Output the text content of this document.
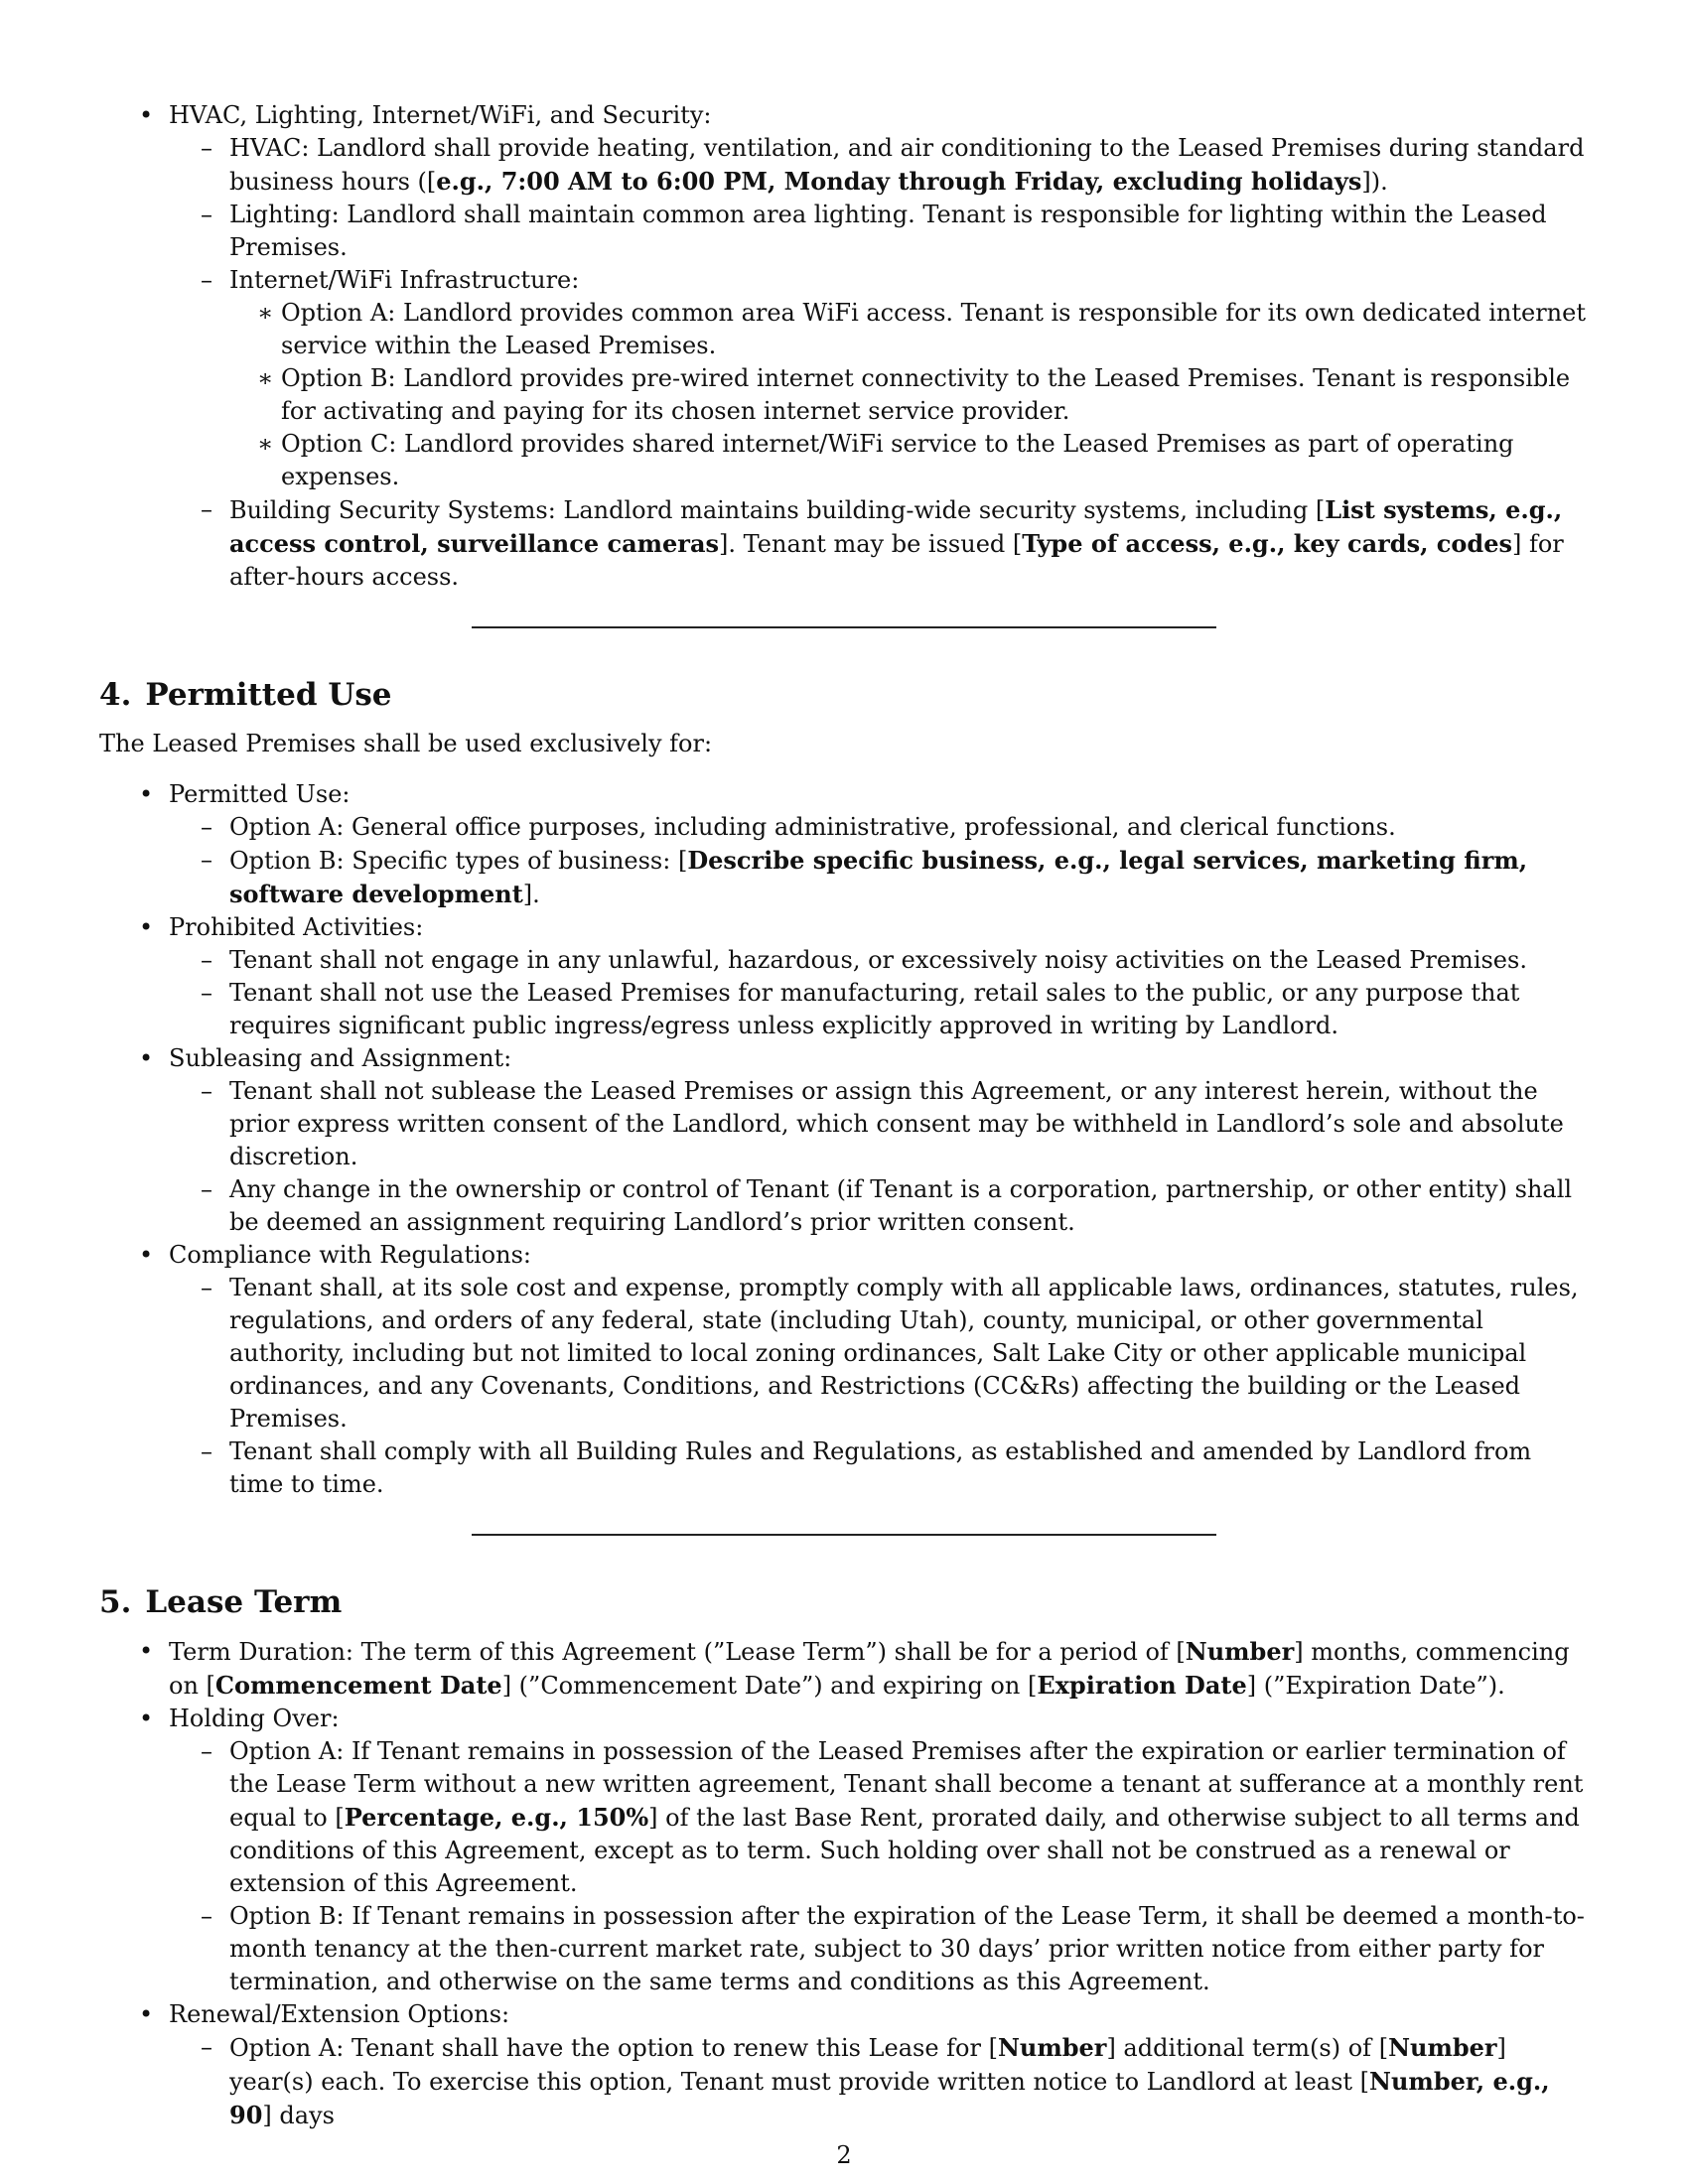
• HVAC, Lighting, Internet/WiFi, and Security:
– HVAC: Landlord shall provide heating, ventilation, and air conditioning to the Leased Premises during standard business hours ([e.g., 7:00 AM to 6:00 PM, Monday through Friday, excluding holidays]).
– Lighting: Landlord shall maintain common area lighting. Tenant is responsible for lighting within the Leased Premises.
– Internet/WiFi Infrastructure:
∗ Option A: Landlord provides common area WiFi access. Tenant is responsible for its own dedicated internet service within the Leased Premises.
∗ Option B: Landlord provides pre-wired internet connectivity to the Leased Premises. Tenant is responsible for activating and paying for its chosen internet service provider.
∗ Option C: Landlord provides shared internet/WiFi service to the Leased Premises as part of operating expenses.
– Building Security Systems: Landlord maintains building-wide security systems, including [List systems, e.g., access control, surveillance cameras]. Tenant may be issued [Type of access, e.g., key cards, codes] for after-hours access.
4. Permitted Use

The Leased Premises shall be used exclusively for:

• Permitted Use:
– Option A: General office purposes, including administrative, professional, and clerical functions.
– Option B: Specific types of business: [Describe specific business, e.g., legal services, marketing firm, software development].
• Prohibited Activities:
– Tenant shall not engage in any unlawful, hazardous, or excessively noisy activities on the Leased Premises.
– Tenant shall not use the Leased Premises for manufacturing, retail sales to the public, or any purpose that requires significant public ingress/egress unless explicitly approved in writing by Landlord.
• Subleasing and Assignment:
– Tenant shall not sublease the Leased Premises or assign this Agreement, or any interest herein, without the prior express written consent of the Landlord, which consent may be withheld in Landlord’s sole and absolute discretion.
– Any change in the ownership or control of Tenant (if Tenant is a corporation, partnership, or other entity) shall be deemed an assignment requiring Landlord’s prior written consent.
• Compliance with Regulations:
– Tenant shall, at its sole cost and expense, promptly comply with all applicable laws, ordinances, statutes, rules, regulations, and orders of any federal, state (including Utah), county, municipal, or other governmental authority, including but not limited to local zoning ordinances, Salt Lake City or other applicable municipal ordinances, and any Covenants, Conditions, and Restrictions (CC&Rs) affecting the building or the Leased Premises.
– Tenant shall comply with all Building Rules and Regulations, as established and amended by Landlord from time to time.
5. Lease Term
• Term Duration: The term of this Agreement (”Lease Term”) shall be for a period of [Number] months, commencing on [Commencement Date] (”Commencement Date”) and expiring on [Expiration Date] (”Expiration Date”).
• Holding Over:
– Option A: If Tenant remains in possession of the Leased Premises after the expiration or earlier termination of the Lease Term without a new written agreement, Tenant shall become a tenant at sufferance at a monthly rent equal to [Percentage, e.g., 150%] of the last Base Rent, prorated daily, and otherwise subject to all terms and conditions of this Agreement, except as to term. Such holding over shall not be construed as a renewal or extension of this Agreement.
– Option B: If Tenant remains in possession after the expiration of the Lease Term, it shall be deemed a month-to-month tenancy at the then-current market rate, subject to 30 days’ prior written notice from either party for termination, and otherwise on the same terms and conditions as this Agreement.
• Renewal/Extension Options:
– Option A: Tenant shall have the option to renew this Lease for [Number] additional term(s) of [Number] year(s) each. To exercise this option, Tenant must provide written notice to Landlord at least [Number, e.g., 90] days
2
